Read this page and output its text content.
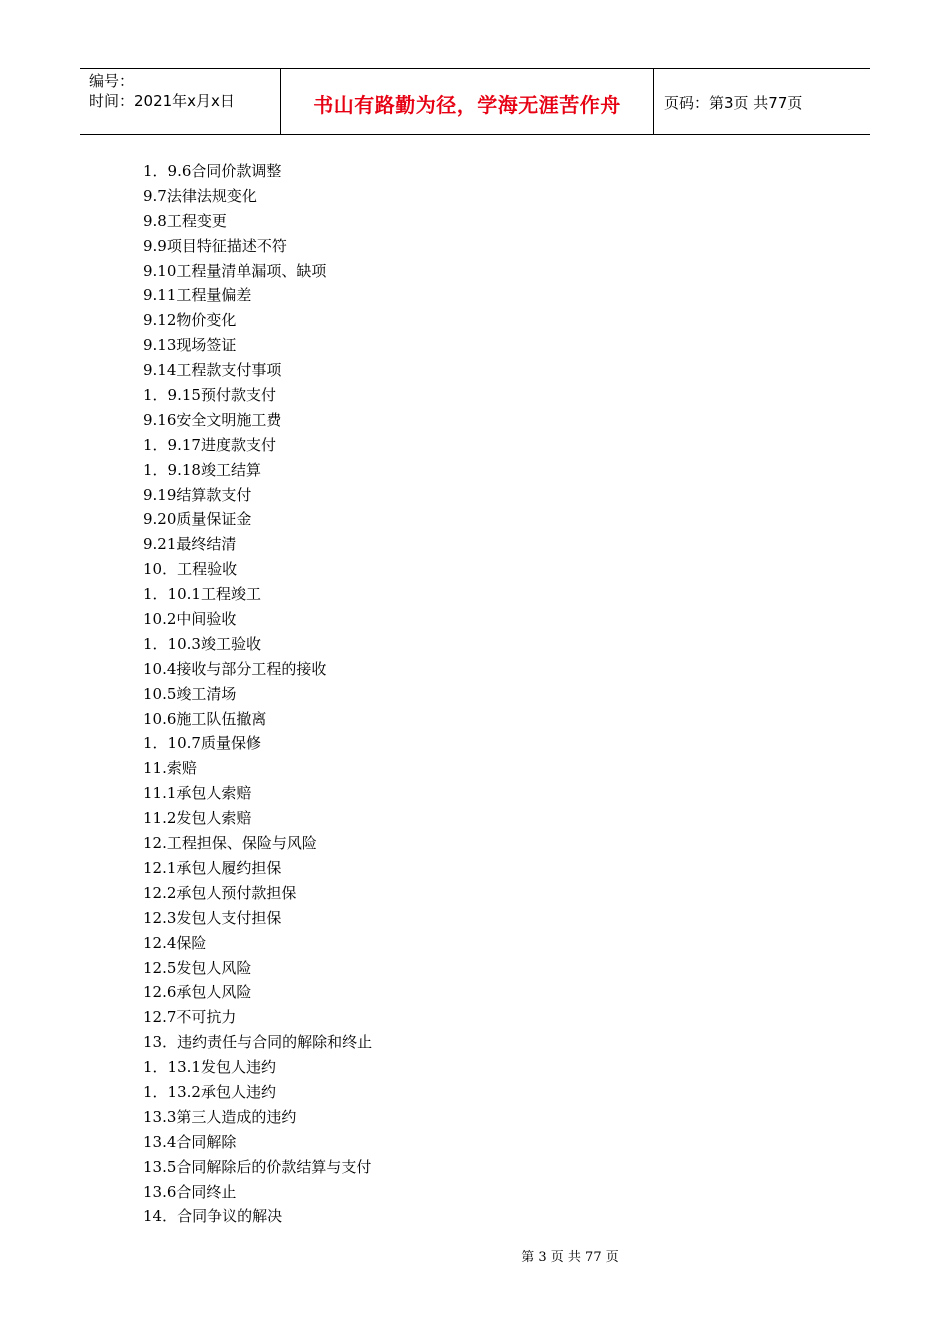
编号：
时间：2021年x月x日	书山有路勤为径，学海无涯苦作舟	页码：第3页 共77页
1．9.6合同价款调整
9.7法律法规变化
9.8工程变更
9.9项目特征描述不符
9.10工程量清单漏项、缺项
9.11工程量偏差
9.12物价变化
9.13现场签证
9.14工程款支付事项
1．9.15预付款支付
9.16安全文明施工费
1．9.17进度款支付
1．9.18竣工结算
9.19结算款支付
9.20质量保证金
9.21最终结清
10．工程验收
1．10.1工程竣工
10.2中间验收
1．10.3竣工验收
10.4接收与部分工程的接收
10.5竣工清场
10.6施工队伍撤离
1．10.7质量保修
11.索赔
11.1承包人索赔
11.2发包人索赔
12.工程担保、保险与风险
12.1承包人履约担保
12.2承包人预付款担保
12.3发包人支付担保
12.4保险
12.5发包人风险
12.6承包人风险
12.7不可抗力
13．违约责任与合同的解除和终止
1．13.1发包人违约
1．13.2承包人违约
13.3第三人造成的违约
13.4合同解除
13.5合同解除后的价款结算与支付
13.6合同终止
14．合同争议的解决
第 3 页 共 77 页
